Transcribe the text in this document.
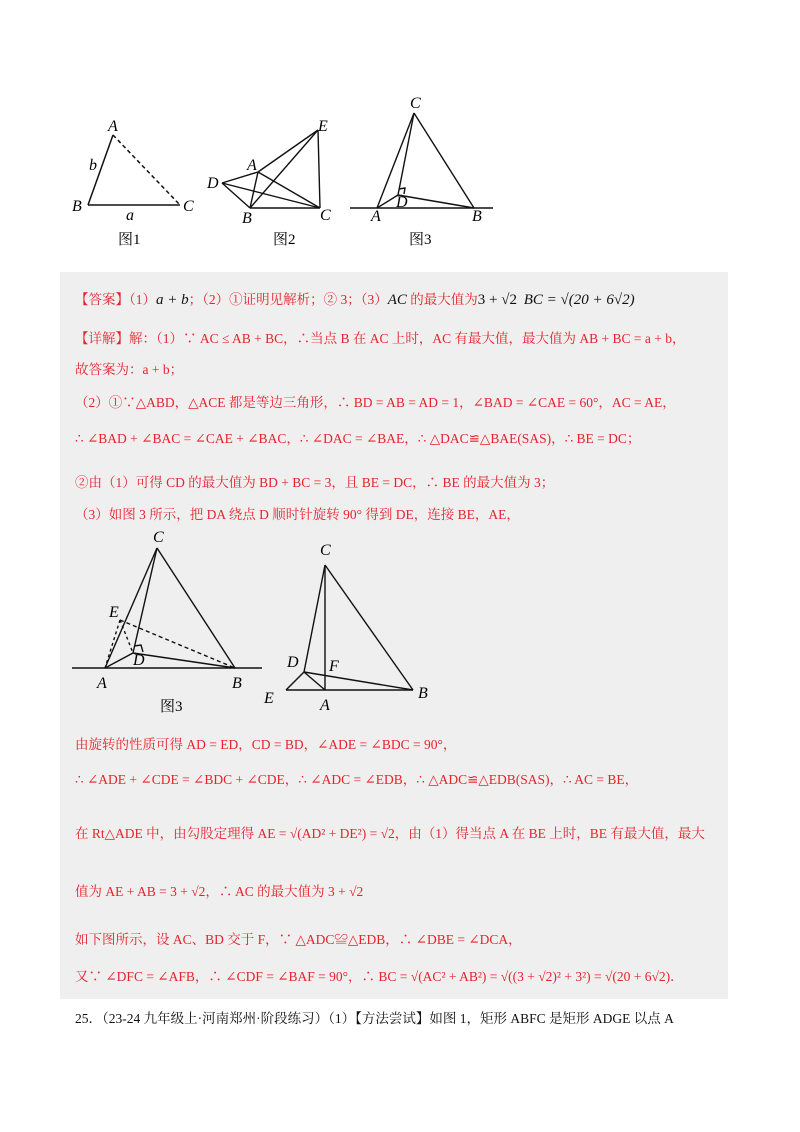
A
b
B
a
C
图1
E
A
D
B	C
图2
C
D
A	B
图3
【答案】（1）a + b；（2）①证明见解析；② 3；（3）AC 的最大值为3 + √2 BC = √(20 + 6√2)
【详解】解：（1）∵ AC ≤ AB + BC，∴当点 B 在 AC 上时，AC 有最大值，最大值为 AB + BC = a + b，
故答案为：a + b；
（2）①∵△ABD，△ACE 都是等边三角形，∴ BD = AB = AD = 1，∠BAD = ∠CAE = 60°，AC = AE，
∴ ∠BAD + ∠BAC = ∠CAE + ∠BAC，∴ ∠DAC = ∠BAE，∴ △DAC≌△BAE(SAS)，∴ BE = DC；
②由（1）可得 CD 的最大值为 BD + BC = 3，且 BE = DC，∴ BE 的最大值为 3；
（3）如图 3 所示，把 DA 绕点 D 顺时针旋转 90° 得到 DE，连接 BE，AE，
C
E
D
A	B
图3
C
D F
E	A
B
由旋转的性质可得 AD = ED，CD = BD，∠ADE = ∠BDC = 90°，
∴ ∠ADE + ∠CDE = ∠BDC + ∠CDE，∴ ∠ADC = ∠EDB，∴ △ADC≌△EDB(SAS)，∴ AC = BE，
在 Rt△ADE 中，由勾股定理得 AE = √(AD² + DE²) = √2，由（1）得当点 A 在 BE 上时，BE 有最大值，最大
值为 AE + AB = 3 + √2，∴ AC 的最大值为 3 + √2
如下图所示，设 AC、BD 交于 F，∵ △ADC≌△EDB，∴ ∠DBE = ∠DCA，
又∵ ∠DFC = ∠AFB，∴ ∠CDF = ∠BAF = 90°，∴ BC = √(AC² + AB²) = √((3 + √2)² + 3²) = √(20 + 6√2)．
25．（23-24 九年级上·河南郑州·阶段练习）（1）【方法尝试】如图 1，矩形 ABFC 是矩形 ADGE 以点 A
